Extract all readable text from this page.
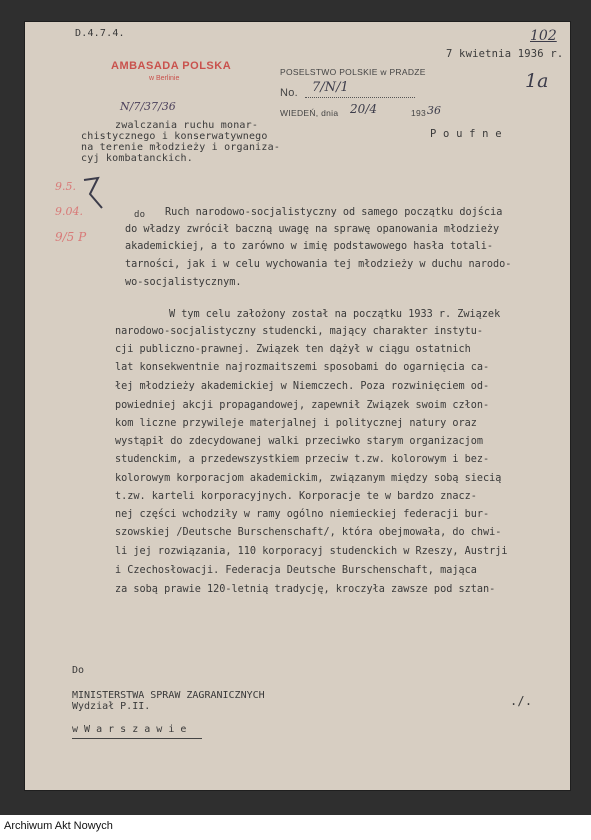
D.4.7.4.
AMBASADA POLSKA
w Berlinie
N/7/37/36
POSELSTWO POLSKIE w PRADZE
No. 7/N/1
WIEDEŃ, dnia 20/4	193 36
7 kwietnia 1936 r.
102
1a
P o u f n e
zwalczania ruchu monar-
chistycznego i konserwatywnego
na terenie młodzieży i organiza-
cyj kombatanckich.
9.5.
9.04.
9/5 P
do Ruch narodowo-socjalistyczny od samego początku dojścia
do władzy zwrócił baczną uwagę na sprawę opanowania młodzieży
akademickiej, a to zarówno w imię podstawowego hasła totali-
tarności, jak i w celu wychowania tej młodzieży w duchu narodo-
wo-socjalistycznym.
W tym celu założony został na początku 1933 r. Związek
narodowo-socjalistyczny studencki, mający charakter instytu-
cji publiczno-prawnej. Związek ten dążył w ciągu ostatnich
lat konsekwentnie najrozmaitszemi sposobami do ogarnięcia ca-
łej młodzieży akademickiej w Niemczech. Poza rozwinięciem od-
powiedniej akcji propagandowej, zapewnił Związek swoim człon-
kom liczne przywileje materjalnej i politycznej natury oraz
wystąpił do zdecydowanej walki przeciwko starym organizacjom
studenckim, a przedewszystkiem przeciw t.zw. kolorowym i bez-
kolorowym korporacjom akademickim, związanym między sobą siecią
t.zw. karteli korporacyjnych. Korporacje te w bardzo znacz-
nej części wchodziły w ramy ogólno niemieckiej federacji bur-
szowskiej /Deutsche Burschenschaft/, która obejmowała, do chwi-
li jej rozwiązania, 110 korporacyj studenckich w Rzeszy, Austrji
i Czechosłowacji. Federacja Deutsche Burschenschaft, mająca
za sobą prawie 120-letnią tradycję, kroczyła zawsze pod sztan-
Do
MINISTERSTWA SPRAW ZAGRANICZNYCH
Wydział P.II.
w W a r s z a w i e
./.
Archiwum Akt Nowych
